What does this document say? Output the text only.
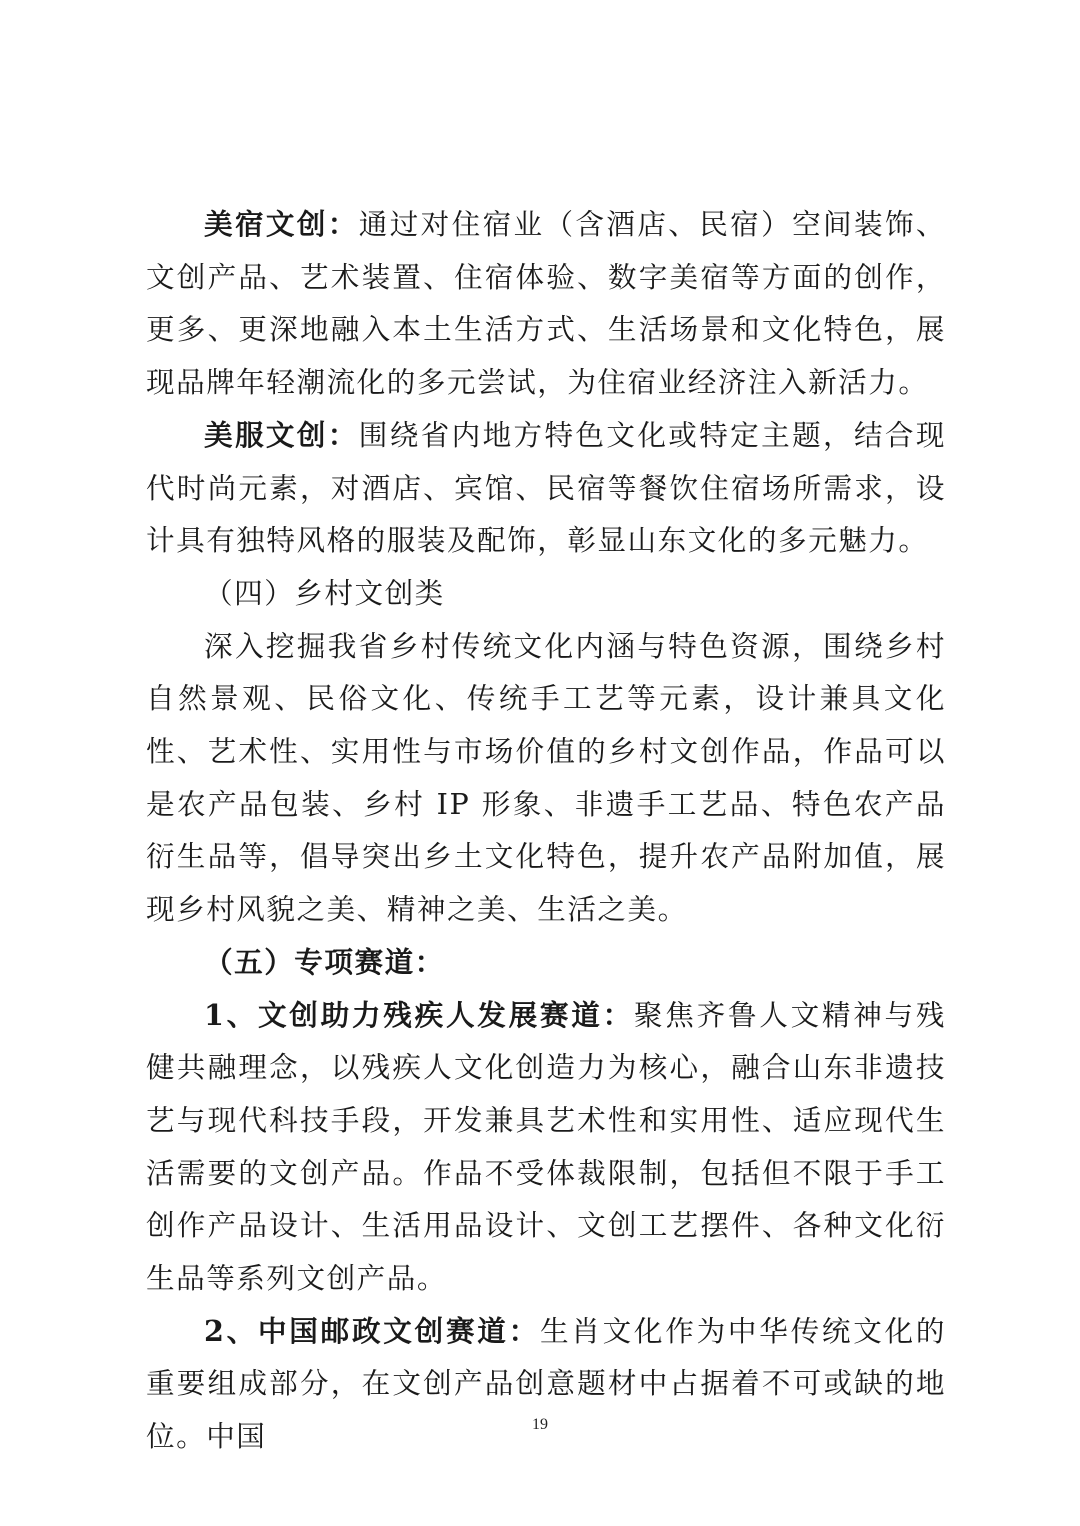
美宿文创：通过对住宿业（含酒店、民宿）空间装饰、文创产品、艺术装置、住宿体验、数字美宿等方面的创作，更多、更深地融入本土生活方式、生活场景和文化特色，展现品牌年轻潮流化的多元尝试，为住宿业经济注入新活力。

美服文创：围绕省内地方特色文化或特定主题，结合现代时尚元素，对酒店、宾馆、民宿等餐饮住宿场所需求，设计具有独特风格的服装及配饰，彰显山东文化的多元魅力。

（四）乡村文创类

深入挖掘我省乡村传统文化内涵与特色资源，围绕乡村自然景观、民俗文化、传统手工艺等元素，设计兼具文化性、艺术性、实用性与市场价值的乡村文创作品，作品可以是农产品包装、乡村 IP 形象、非遗手工艺品、特色农产品衍生品等，倡导突出乡土文化特色，提升农产品附加值，展现乡村风貌之美、精神之美、生活之美。

（五）专项赛道：

1、文创助力残疾人发展赛道：聚焦齐鲁人文精神与残健共融理念，以残疾人文化创造力为核心，融合山东非遗技艺与现代科技手段，开发兼具艺术性和实用性、适应现代生活需要的文创产品。作品不受体裁限制，包括但不限于手工创作产品设计、生活用品设计、文创工艺摆件、各种文化衍生品等系列文创产品。

2、中国邮政文创赛道：生肖文化作为中华传统文化的重要组成部分，在文创产品创意题材中占据着不可或缺的地位。中国	19
